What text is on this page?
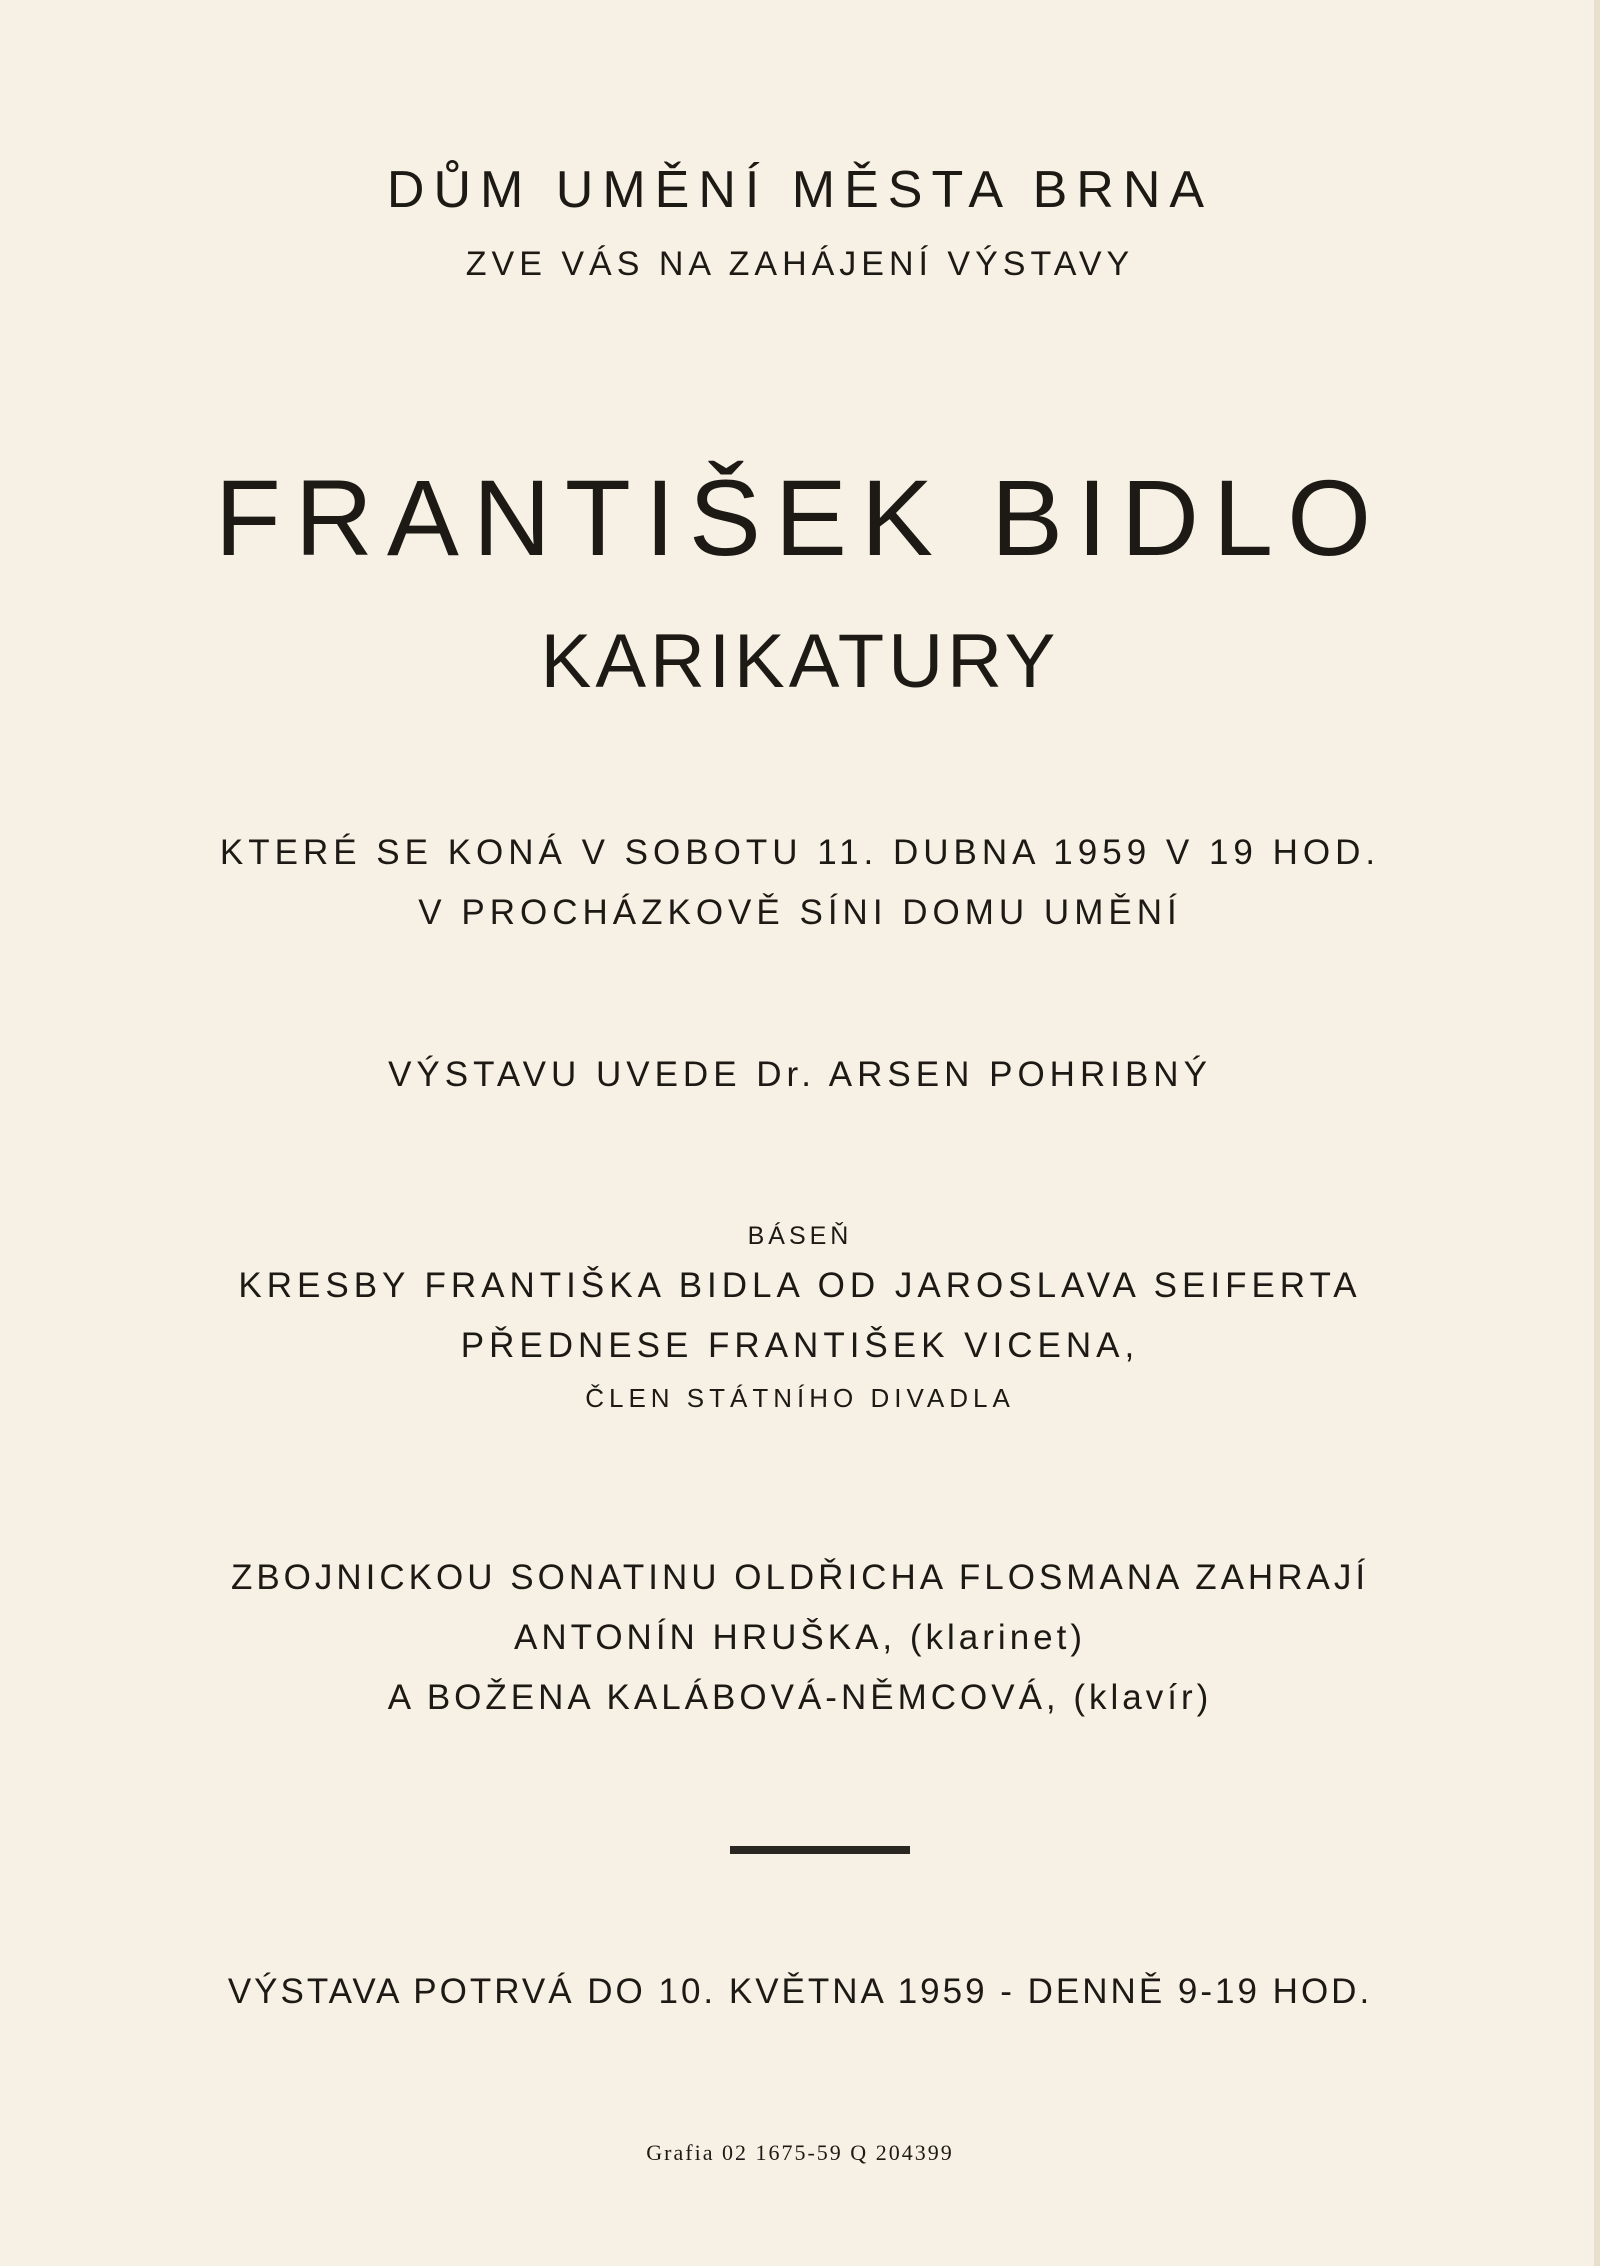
DŮM UMĚNÍ MĚSTA BRNA
ZVE VÁS NA ZAHÁJENÍ VÝSTAVY
FRANTIŠEK BIDLO
KARIKATURY
KTERÉ SE KONÁ V SOBOTU 11. DUBNA 1959 V 19 HOD.
V PROCHÁZKOVĚ SÍNI DOMU UMĚNÍ
VÝSTAVU UVEDE Dr. ARSEN POHRIBNÝ
BÁSEŇ
KRESBY FRANTIŠKA BIDLA OD JAROSLAVA SEIFERTA
PŘEDNESE FRANTIŠEK VICENA,
ČLEN STÁTNÍHO DIVADLA
ZBOJNICKOU SONATINU OLDŘICHA FLOSMANA ZAHRAJÍ
ANTONÍN HRUŠKA, (klarinet)
A BOŽENA KALÁBOVÁ-NĚMCOVÁ, (klavír)
VÝSTAVA POTRVÁ DO 10. KVĚTNA 1959 - DENNĚ 9-19 HOD.
Grafia 02 1675-59 Q 204399
